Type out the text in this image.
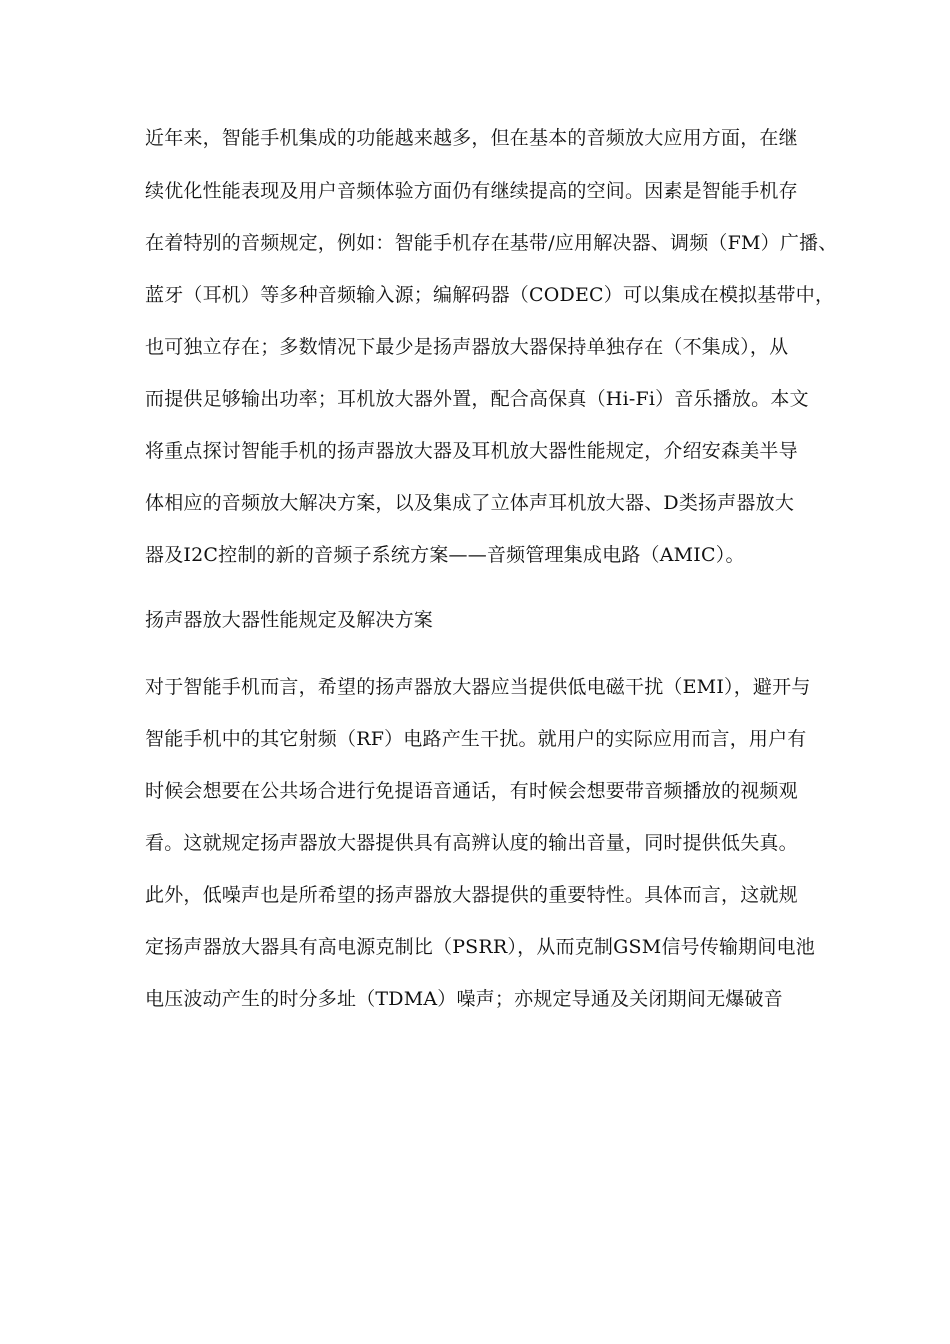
近年来，智能手机集成的功能越来越多，但在基本的音频放大应用方面，在继
续优化性能表现及用户音频体验方面仍有继续提高的空间。因素是智能手机存
在着特别的音频规定，例如：智能手机存在基带/应用解决器、调频（FM）广播、
蓝牙（耳机）等多种音频输入源；编解码器（CODEC）可以集成在模拟基带中，
也可独立存在；多数情况下最少是扬声器放大器保持单独存在（不集成），从
而提供足够输出功率；耳机放大器外置，配合高保真（Hi-Fi）音乐播放。本文
将重点探讨智能手机的扬声器放大器及耳机放大器性能规定，介绍安森美半导
体相应的音频放大解决方案，以及集成了立体声耳机放大器、D类扬声器放大
器及I2C控制的新的音频子系统方案——音频管理集成电路（AMIC）。
扬声器放大器性能规定及解决方案
对于智能手机而言，希望的扬声器放大器应当提供低电磁干扰（EMI），避开与
智能手机中的其它射频（RF）电路产生干扰。就用户的实际应用而言，用户有
时候会想要在公共场合进行免提语音通话，有时候会想要带音频播放的视频观
看。这就规定扬声器放大器提供具有高辨认度的输出音量，同时提供低失真。
此外，低噪声也是所希望的扬声器放大器提供的重要特性。具体而言，这就规
定扬声器放大器具有高电源克制比（PSRR），从而克制GSM信号传输期间电池
电压波动产生的时分多址（TDMA）噪声；亦规定导通及关闭期间无爆破音
